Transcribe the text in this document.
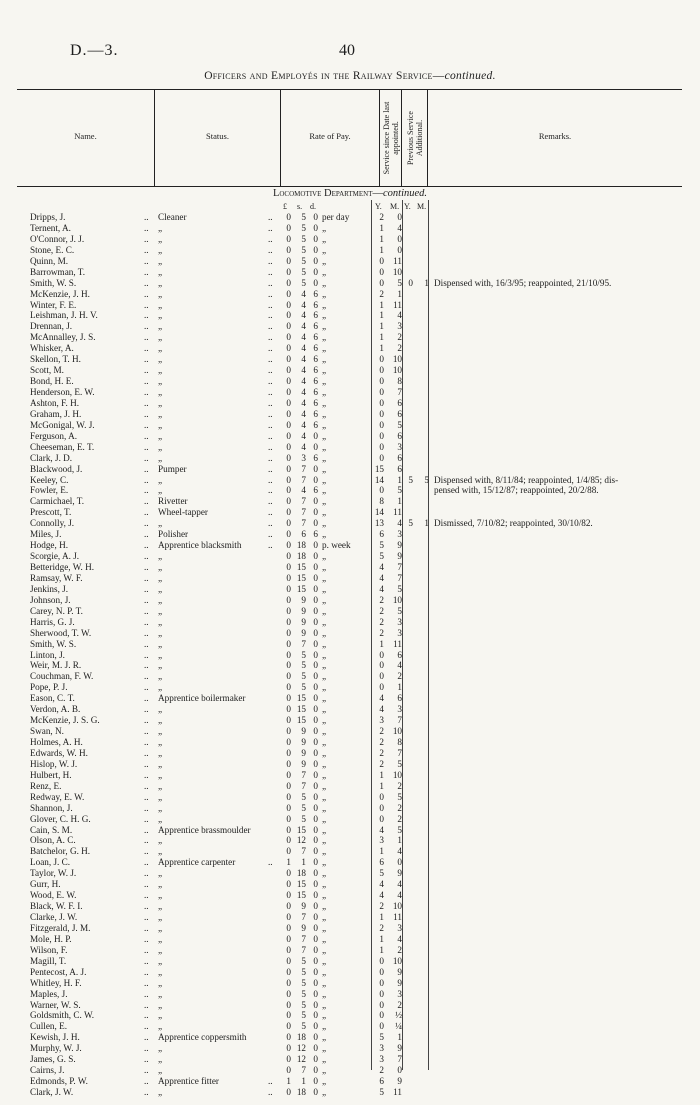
D.—3.	40
Officers and Employés in the Railway Service—continued.
Name.	Status.	Rate of Pay.	Service since Date last appointed. Previous Service Additional.	Remarks.
Locomotive Department—continued.
£ s. d.	Y. M. Y. M.
Dripps, J.	.. Cleaner	..	0	5 0 per day	2	0
Ternent, A.	.. „	..	0	5 0 „	1	4
O'Connor, J. J.	.. „	..	0	5 0 „	1	0
Stone, E. C.	.. „	..	0	5 0 „	1	0
Quinn, M.	.. „	..	0	5 0 „	0 11
Barrowman, T.	.. „	..	0	5 0 „	0 10
Smith, W. S.	.. „	..	0	5 0 „	0	5 0	1 Dispensed with, 16/3/95; reappointed, 21/10/95.
McKenzie, J. H.	.. „	..	0	4 6 „	2	1
Winter, F. E.	.. „	..	0	4 6 „	1 11
Leishman, J. H. V.	.. „	..	0	4 6 „	1	4
Drennan, J.	.. „	..	0	4 6 „	1	3
McAnnalley, J. S.	.. „	..	0	4 6 „	1	2
Whisker, A.	.. „	..	0	4 6 „	1	2
Skellon, T. H.	.. „	..	0	4 6 „	0 10
Scott, M.	.. „	..	0	4 6 „	0 10
Bond, H. E.	.. „	..	0	4 6 „	0	8
Henderson, E. W.	.. „	..	0	4 6 „	0	7
Ashton, F. H.	.. „	..	0	4 6 „	0	6
Graham, J. H.	.. „	..	0	4 6 „	0	6
McGonigal, W. J.	.. „	..	0	4 6 „	0	5
Ferguson, A.	.. „	..	0	4 0 „	0	6
Cheeseman, E. T.	.. „	..	0	4 0 „	0	3
Clark, J. D.	.. „	..	0	3 6 „	0	6
Blackwood, J.	.. Pumper	..	0	7 0 „	15	6
Keeley, C.	.. „	..	0	7 0 „	14	1 5	5 Dispensed with, 8/11/84; reappointed, 1/4/85; dis-
Fowler, E.	.. „	..	0	4 6 „	0	5	pensed with, 15/12/87; reappointed, 20/2/88.
Carmichael, T.	.. Rivetter	..	0	7 0 „	8	1
Prescott, T.	.. Wheel-tapper	..	0	7 0 „	14 11
Connolly, J.	.. „	..	0	7 0 „	13	4 5	1 Dismissed, 7/10/82; reappointed, 30/10/82.
Miles, J.	.. Polisher	..	0	6 6 „	6	3
Hodge, H.	.. Apprentice blacksmith	..	0 18 0 p. week	5	9
Scorgie, A. J.	.. „	0 18 0 „	5	9
Betteridge, W. H.	.. „	0 15 0 „	4	7
Ramsay, W. F.	.. „	0 15 0 „	4	7
Jenkins, J.	.. „	0 15 0 „	4	5
Johnson, J.	.. „	0	9 0 „	2 10
Carey, N. P. T.	.. „	0	9 0 „	2	5
Harris, G. J.	.. „	0	9 0 „	2	3
Sherwood, T. W.	.. „	0	9 0 „	2	3
Smith, W. S.	.. „	0	7 0 „	1 11
Linton, J.	.. „	0	5 0 „	0	6
Weir, M. J. R.	.. „	0	5 0 „	0	4
Couchman, F. W.	.. „	0	5 0 „	0	2
Pope, P. J.	.. „	0	5 0 „	0	1
Eason, C. T.	.. Apprentice boilermaker	0 15 0 „	4	6
Verdon, A. B.	.. „	0 15 0 „	4	3
McKenzie, J. S. G.	.. „	0 15 0 „	3	7
Swan, N.	.. „	0	9 0 „	2 10
Holmes, A. H.	.. „	0	9 0 „	2	8
Edwards, W. H.	.. „	0	9 0 „	2	7
Hislop, W. J.	.. „	0	9 0 „	2	5
Hulbert, H.	.. „	0	7 0 „	1 10
Renz, E.	.. „	0	7 0 „	1	2
Redway, E. W.	.. „	0	5 0 „	0	5
Shannon, J.	.. „	0	5 0 „	0	2
Glover, C. H. G.	.. „	0	5 0 „	0	2
Cain, S. M.	.. Apprentice brassmoulder	0 15 0 „	4	5
Olson, A. C.	.. „	0 12 0 „	3	1
Batchelor, G. H.	.. „	0	7 0 „	1	4
Loan, J. C.	.. Apprentice carpenter	..	1	1 0 „	6	0
Taylor, W. J.	.. „	0 18 0 „	5	9
Gurr, H.	.. „	0 15 0 „	4	4
Wood, E. W.	.. „	0 15 0 „	4	4
Black, W. F. I.	.. „	0	9 0 „	2 10
Clarke, J. W.	.. „	0	7 0 „	1 11
Fitzgerald, J. M.	.. „	0	9 0 „	2	3
Mole, H. P.	.. „	0	7 0 „	1	4
Wilson, F.	.. „	0	7 0 „	1	2
Magill, T.	.. „	0	5 0 „	0 10
Pentecost, A. J.	.. „	0	5 0 „	0	9
Whitley, H. F.	.. „	0	5 0 „	0	9
Maples, J.	.. „	0	5 0 „	0	3
Warner, W. S.	.. „	0	5 0 „	0	2
Goldsmith, C. W.	.. „	0	5 0 „	0	½
Cullen, E.	.. „	0	5 0 „	0	¼
Kewish, J. H.	.. Apprentice coppersmith	0 18 0 „	5	1
Murphy, W. J.	.. „	0 12 0 „	3	9
James, G. S.	.. „	0 12 0 „	3	7
Cairns, J.	.. „	0	7 0 „	2	0
Edmonds, P. W.	.. Apprentice fitter	..	1	1 0 „	6	9
Clark, J. W.	.. „	..	0 18 0 „	5 11
